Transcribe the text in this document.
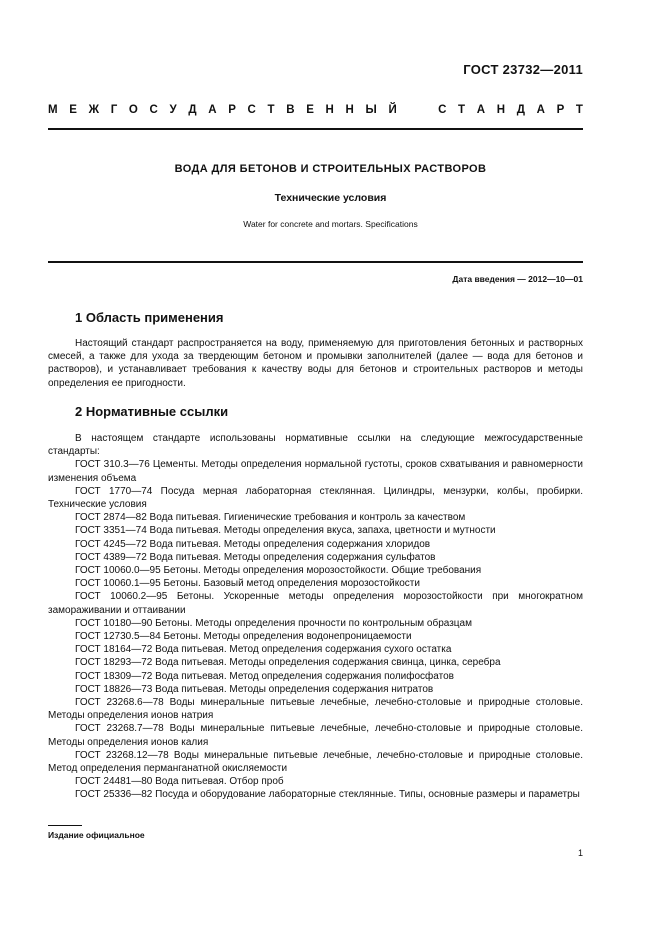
ГОСТ 23732—2011
М Е Ж Г О С У Д А Р С Т В Е Н Н Ы Й	С Т А Н Д А Р Т
ВОДА ДЛЯ БЕТОНОВ И СТРОИТЕЛЬНЫХ РАСТВОРОВ
Технические условия
Water for concrete and mortars. Specifications
Дата введения — 2012—10—01
1 Область применения

Настоящий стандарт распространяется на воду, применяемую для приготовления бетонных и растворных смесей, а также для ухода за твердеющим бетоном и промывки заполнителей (далее — вода для бетонов и растворов), и устанавливает требования к качеству воды для бетонов и строительных растворов и методы определения ее пригодности.

2 Нормативные ссылки
В настоящем стандарте использованы нормативные ссылки на следующие межгосударственные стандарты:
ГОСТ 310.3—76 Цементы. Методы определения нормальной густоты, сроков схватывания и равномерности изменения объема
ГОСТ 1770—74 Посуда мерная лабораторная стеклянная. Цилиндры, мензурки, колбы, пробирки. Технические условия
ГОСТ 2874—82 Вода питьевая. Гигиенические требования и контроль за качеством
ГОСТ 3351—74 Вода питьевая. Методы определения вкуса, запаха, цветности и мутности
ГОСТ 4245—72 Вода питьевая. Методы определения содержания хлоридов
ГОСТ 4389—72 Вода питьевая. Методы определения содержания сульфатов
ГОСТ 10060.0—95 Бетоны. Методы определения морозостойкости. Общие требования
ГОСТ 10060.1—95 Бетоны. Базовый метод определения морозостойкости
ГОСТ 10060.2—95 Бетоны. Ускоренные методы определения морозостойкости при многократном замораживании и оттаивании
ГОСТ 10180—90 Бетоны. Методы определения прочности по контрольным образцам
ГОСТ 12730.5—84 Бетоны. Методы определения водонепроницаемости
ГОСТ 18164—72 Вода питьевая. Метод определения содержания сухого остатка
ГОСТ 18293—72 Вода питьевая. Методы определения содержания свинца, цинка, серебра
ГОСТ 18309—72 Вода питьевая. Метод определения содержания полифосфатов
ГОСТ 18826—73 Вода питьевая. Методы определения содержания нитратов
ГОСТ 23268.6—78 Воды минеральные питьевые лечебные, лечебно-столовые и природные столовые. Методы определения ионов натрия
ГОСТ 23268.7—78 Воды минеральные питьевые лечебные, лечебно-столовые и природные столовые. Методы определения ионов калия
ГОСТ 23268.12—78 Воды минеральные питьевые лечебные, лечебно-столовые и природные столовые. Метод определения перманганатной окисляемости
ГОСТ 24481—80 Вода питьевая. Отбор проб
ГОСТ 25336—82 Посуда и оборудование лабораторные стеклянные. Типы, основные размеры и параметры
Издание официальное
1
